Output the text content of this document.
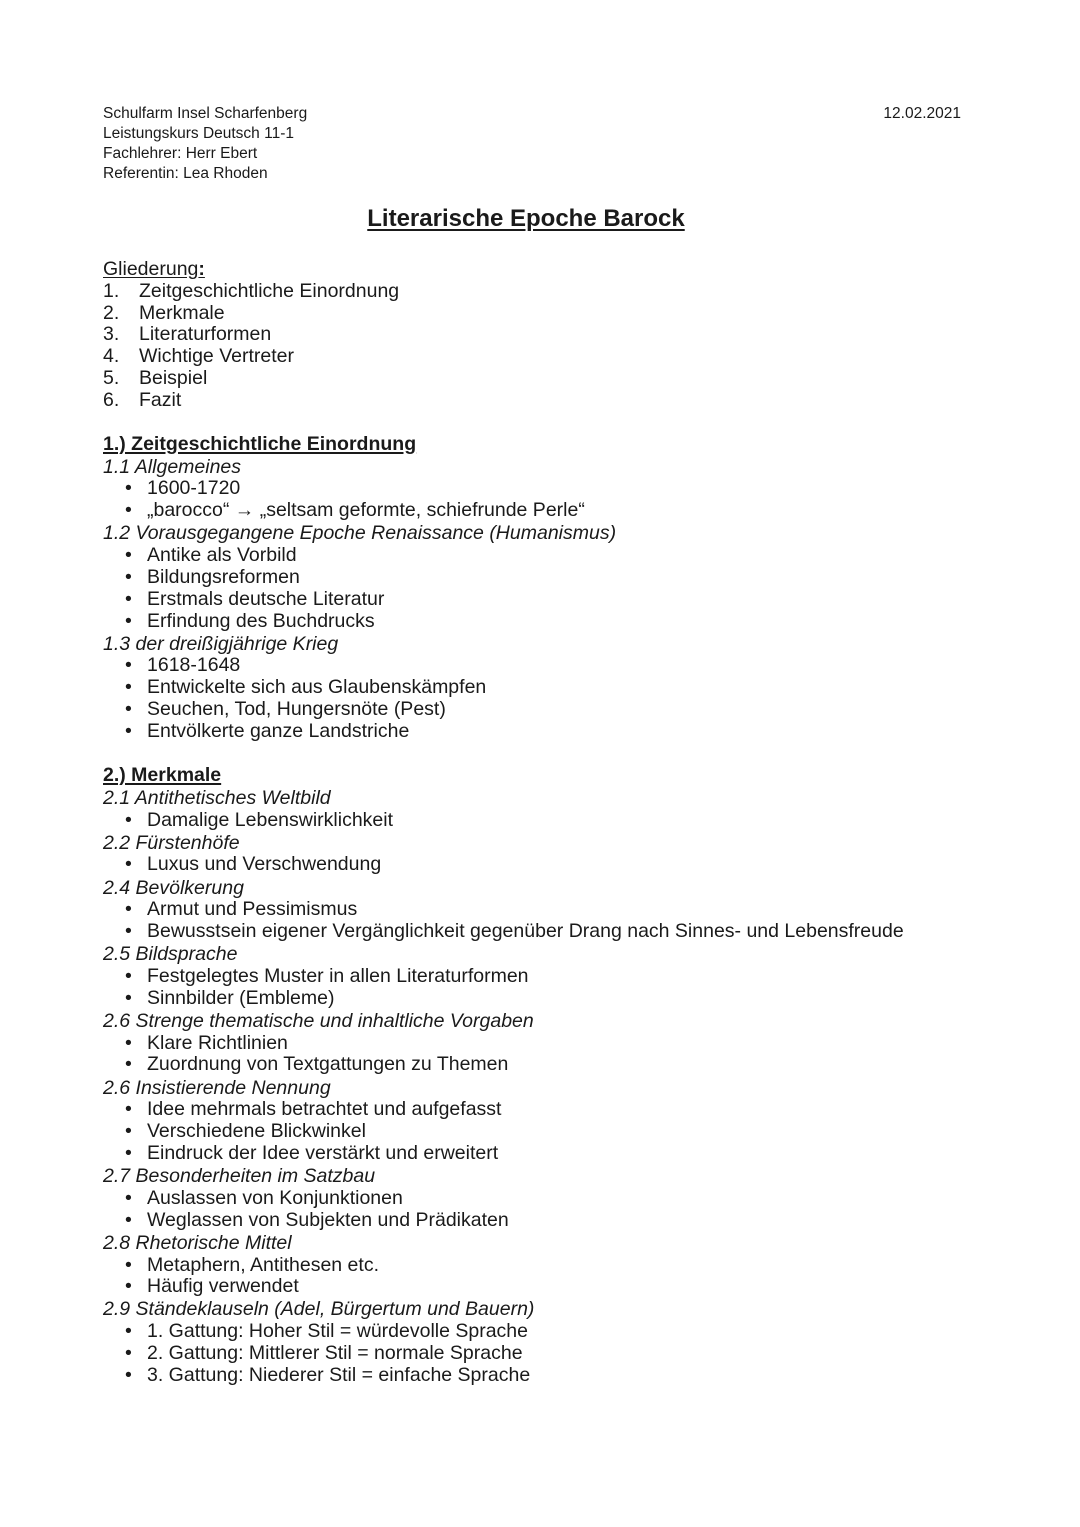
Schulfarm Insel Scharfenberg
Leistungskurs Deutsch 11-1
Fachlehrer: Herr Ebert
Referentin: Lea Rhoden
12.02.2021
Literarische Epoche Barock
Gliederung:
1.	Zeitgeschichtliche Einordnung
2.	Merkmale
3.	Literaturformen
4.	Wichtige Vertreter
5.	Beispiel
6.	Fazit
1.) Zeitgeschichtliche Einordnung
1.1 Allgemeines
• 1600-1720
• „barocco“ → „seltsam geformte, schiefrunde Perle“
1.2 Vorausgegangene Epoche Renaissance (Humanismus)
• Antike als Vorbild
• Bildungsreformen
• Erstmals deutsche Literatur
• Erfindung des Buchdrucks
1.3 der dreißigjährige Krieg
• 1618-1648
• Entwickelte sich aus Glaubenskämpfen
• Seuchen, Tod, Hungersnöte (Pest)
• Entvölkerte ganze Landstriche
2.) Merkmale
2.1 Antithetisches Weltbild
• Damalige Lebenswirklichkeit
2.2 Fürstenhöfe
• Luxus und Verschwendung
2.4 Bevölkerung
• Armut und Pessimismus
• Bewusstsein eigener Vergänglichkeit gegenüber Drang nach Sinnes- und Lebensfreude
2.5 Bildsprache
• Festgelegtes Muster in allen Literaturformen
• Sinnbilder (Embleme)
2.6 Strenge thematische und inhaltliche Vorgaben
• Klare Richtlinien
• Zuordnung von Textgattungen zu Themen
2.6 Insistierende Nennung
• Idee mehrmals betrachtet und aufgefasst
• Verschiedene Blickwinkel
• Eindruck der Idee verstärkt und erweitert
2.7 Besonderheiten im Satzbau
• Auslassen von Konjunktionen
• Weglassen von Subjekten und Prädikaten
2.8 Rhetorische Mittel
• Metaphern, Antithesen etc.
• Häufig verwendet
2.9 Ständeklauseln (Adel, Bürgertum und Bauern)
• 1. Gattung: Hoher Stil = würdevolle Sprache
• 2. Gattung: Mittlerer Stil = normale Sprache
• 3. Gattung: Niederer Stil = einfache Sprache
